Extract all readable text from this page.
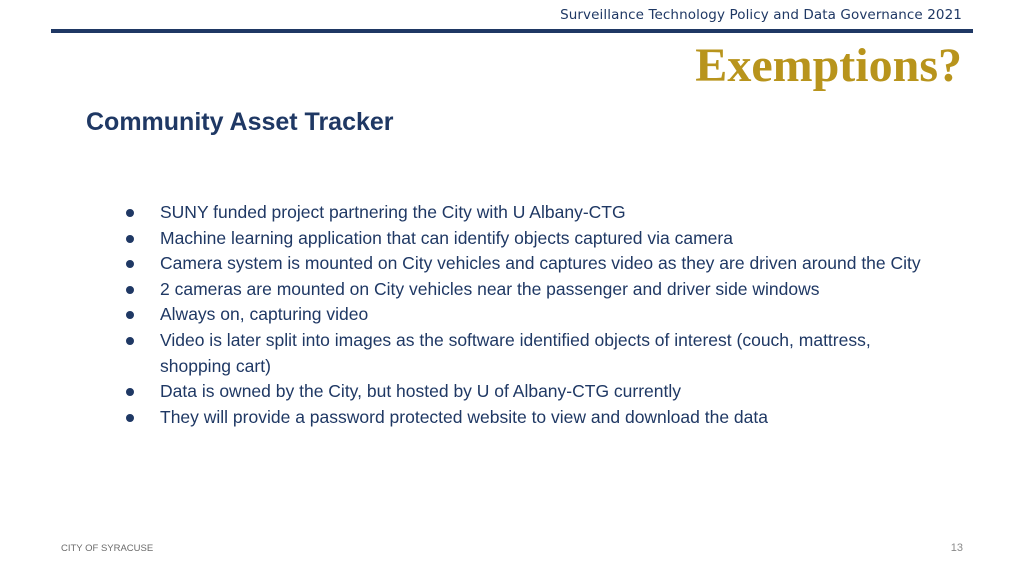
Surveillance Technology Policy and Data Governance 2021
Exemptions?
Community Asset Tracker
SUNY funded project partnering the City with U Albany-CTG
Machine learning application that can identify objects captured via camera
Camera system is mounted on City vehicles and captures video as they are driven around the City
2 cameras are mounted on City vehicles near the passenger and driver side windows
Always on, capturing video
Video is later split into images as the software identified objects of interest (couch, mattress, shopping cart)
Data is owned by the City, but hosted by U of Albany-CTG currently
They will provide a password protected website to view and download the data
CITY OF SYRACUSE	13
